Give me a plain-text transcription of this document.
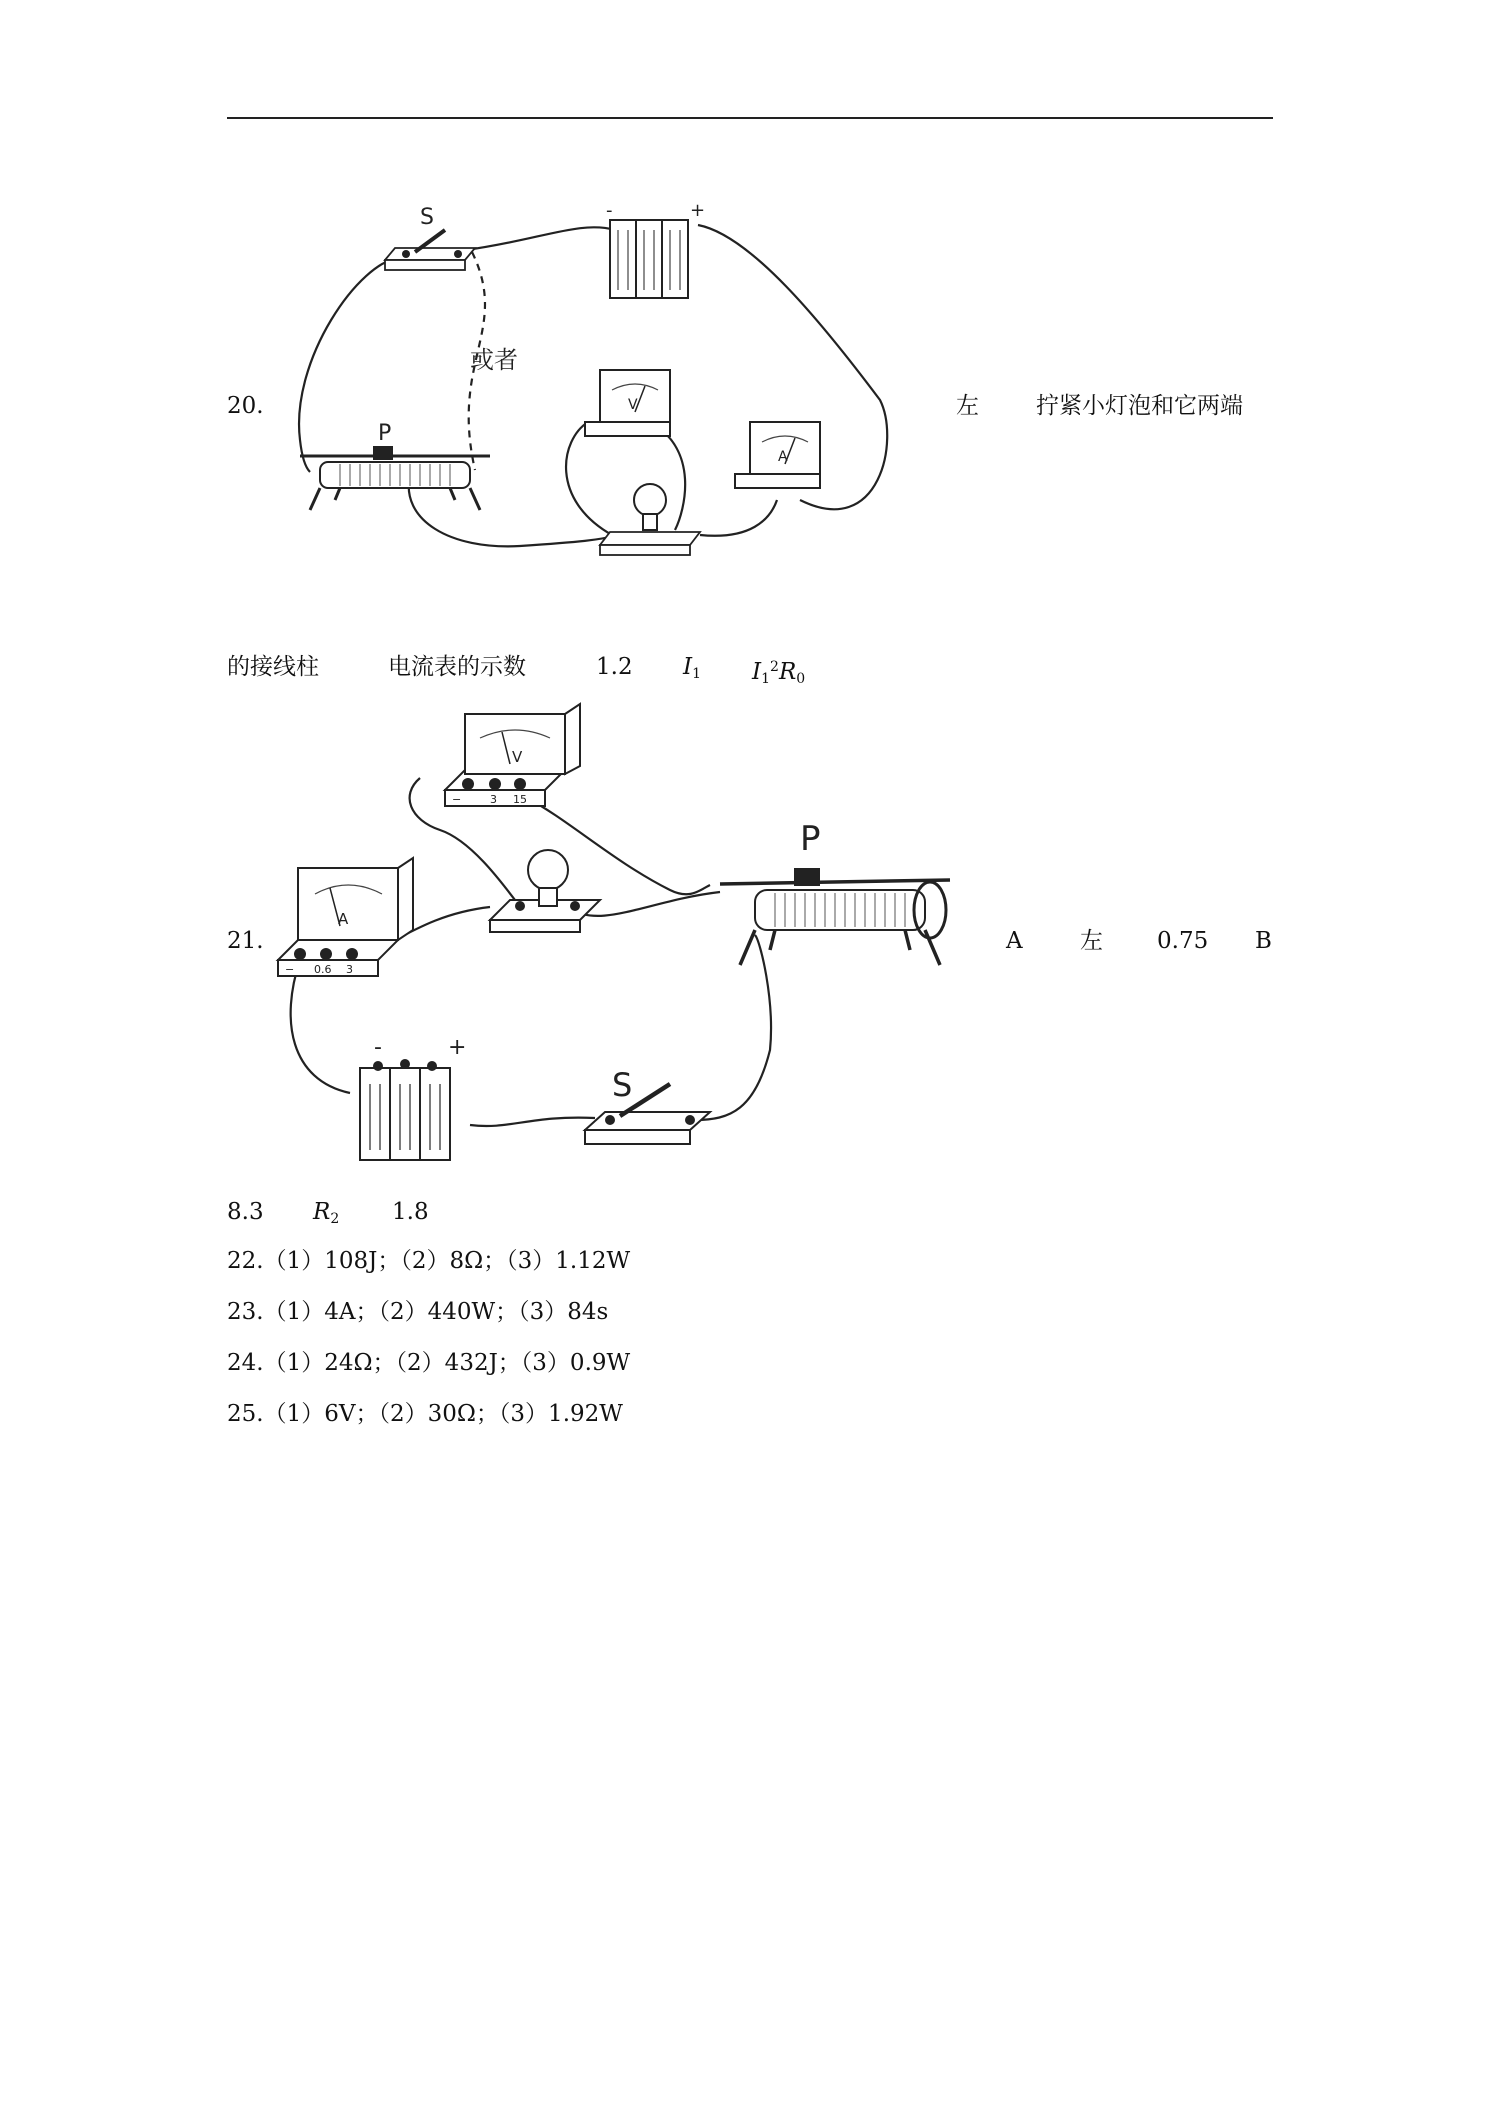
20.
S
或者
-	+
P
V
A
左 拧紧小灯泡和它两端
的接线柱	电流表的示数	1.2 $I_1$ $I_1^2R_0$
21.
V
−	3 15
A
− 0.6 3
P
-	+
S
A 左 0.75 B
8.3 $R_2$ 1.8
22.（1）108J；（2）8Ω；（3）1.12W
23.（1）4A；（2）440W；（3）84s
24.（1）24Ω；（2）432J；（3）0.9W
25.（1）6V；（2）30Ω；（3）1.92W
